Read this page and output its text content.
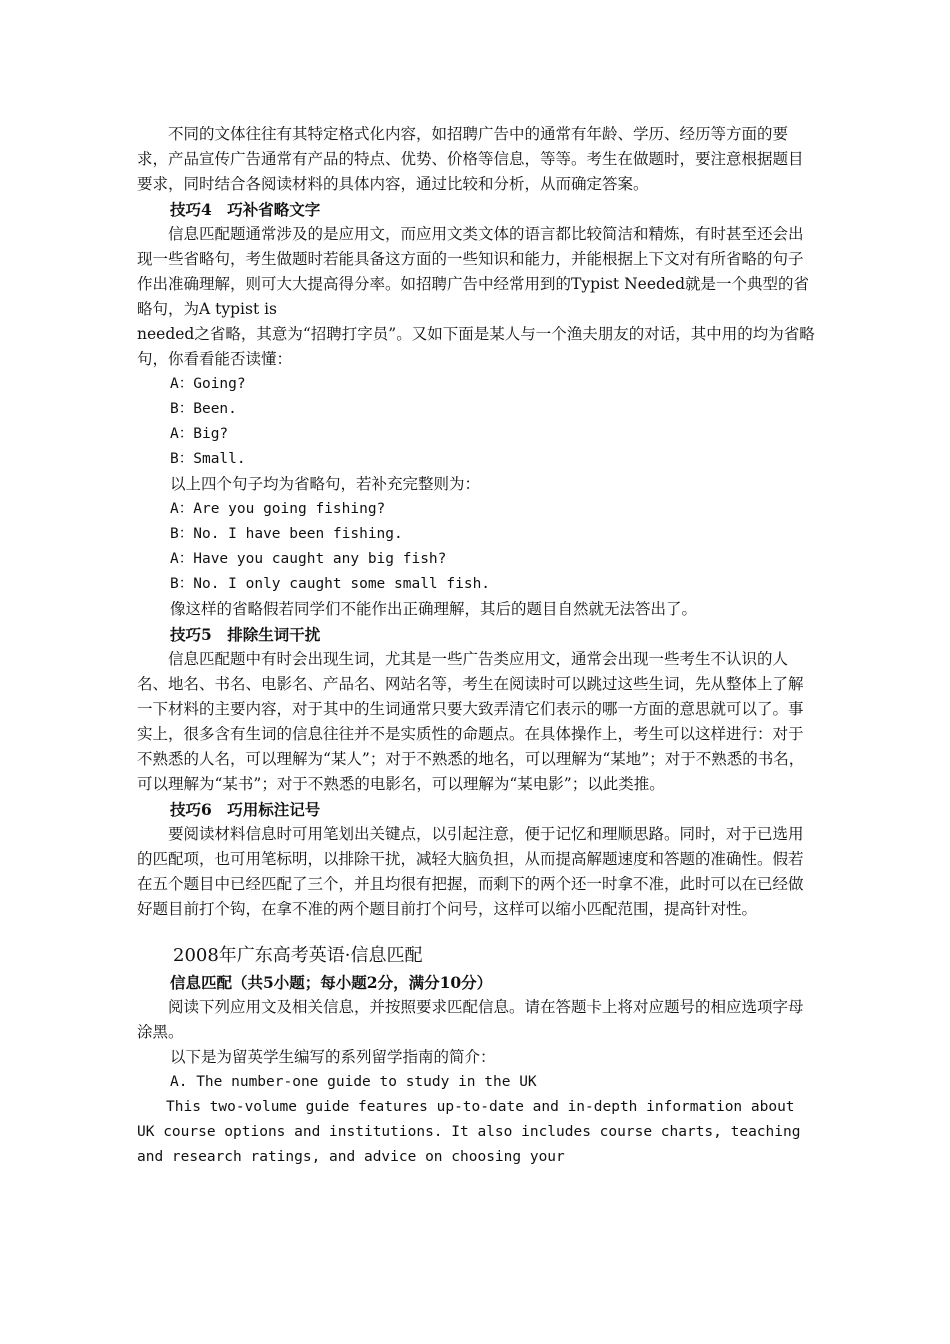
不同的文体往往有其特定格式化内容，如招聘广告中的通常有年龄、学历、经历等方面的要求，产品宣传广告通常有产品的特点、优势、价格等信息，等等。考生在做题时，要注意根据题目要求，同时结合各阅读材料的具体内容，通过比较和分析，从而确定答案。

技巧4　巧补省略文字

信息匹配题通常涉及的是应用文，而应用文类文体的语言都比较简洁和精炼，有时甚至还会出现一些省略句，考生做题时若能具备这方面的一些知识和能力，并能根据上下文对有所省略的句子作出准确理解，则可大大提高得分率。如招聘广告中经常用到的Typist Needed就是一个典型的省略句，为A typist is

needed之省略，其意为“招聘打字员”。又如下面是某人与一个渔夫朋友的对话，其中用的均为省略句，你看看能否读懂：

A：Going?

B：Been.

A：Big?

B：Small.

以上四个句子均为省略句，若补充完整则为：

A：Are you going fishing?

B：No. I have been fishing.

A：Have you caught any big fish?

B：No. I only caught some small fish.

像这样的省略假若同学们不能作出正确理解，其后的题目自然就无法答出了。

技巧5　排除生词干扰

信息匹配题中有时会出现生词，尤其是一些广告类应用文，通常会出现一些考生不认识的人名、地名、书名、电影名、产品名、网站名等，考生在阅读时可以跳过这些生词，先从整体上了解一下材料的主要内容，对于其中的生词通常只要大致弄清它们表示的哪一方面的意思就可以了。事实上，很多含有生词的信息往往并不是实质性的命题点。在具体操作上，考生可以这样进行：对于不熟悉的人名，可以理解为“某人”；对于不熟悉的地名，可以理解为“某地”；对于不熟悉的书名，可以理解为“某书”；对于不熟悉的电影名，可以理解为“某电影”；以此类推。

技巧6　巧用标注记号

要阅读材料信息时可用笔划出关键点，以引起注意，便于记忆和理顺思路。同时，对于已选用的匹配项，也可用笔标明，以排除干扰，减轻大脑负担，从而提高解题速度和答题的准确性。假若在五个题目中已经匹配了三个，并且均很有把握，而剩下的两个还一时拿不准，此时可以在已经做好题目前打个钩，在拿不准的两个题目前打个问号，这样可以缩小匹配范围，提高针对性。

2008年广东高考英语·信息匹配

信息匹配（共5小题；每小题2分，满分10分）

阅读下列应用文及相关信息，并按照要求匹配信息。请在答题卡上将对应题号的相应选项字母涂黑。

以下是为留英学生编写的系列留学指南的简介：

A. The number-one guide to study in the UK

This two-volume guide features up-to-date and in-depth information about UK course options and institutions. It also includes course charts, teaching and research ratings, and advice on choosing your
